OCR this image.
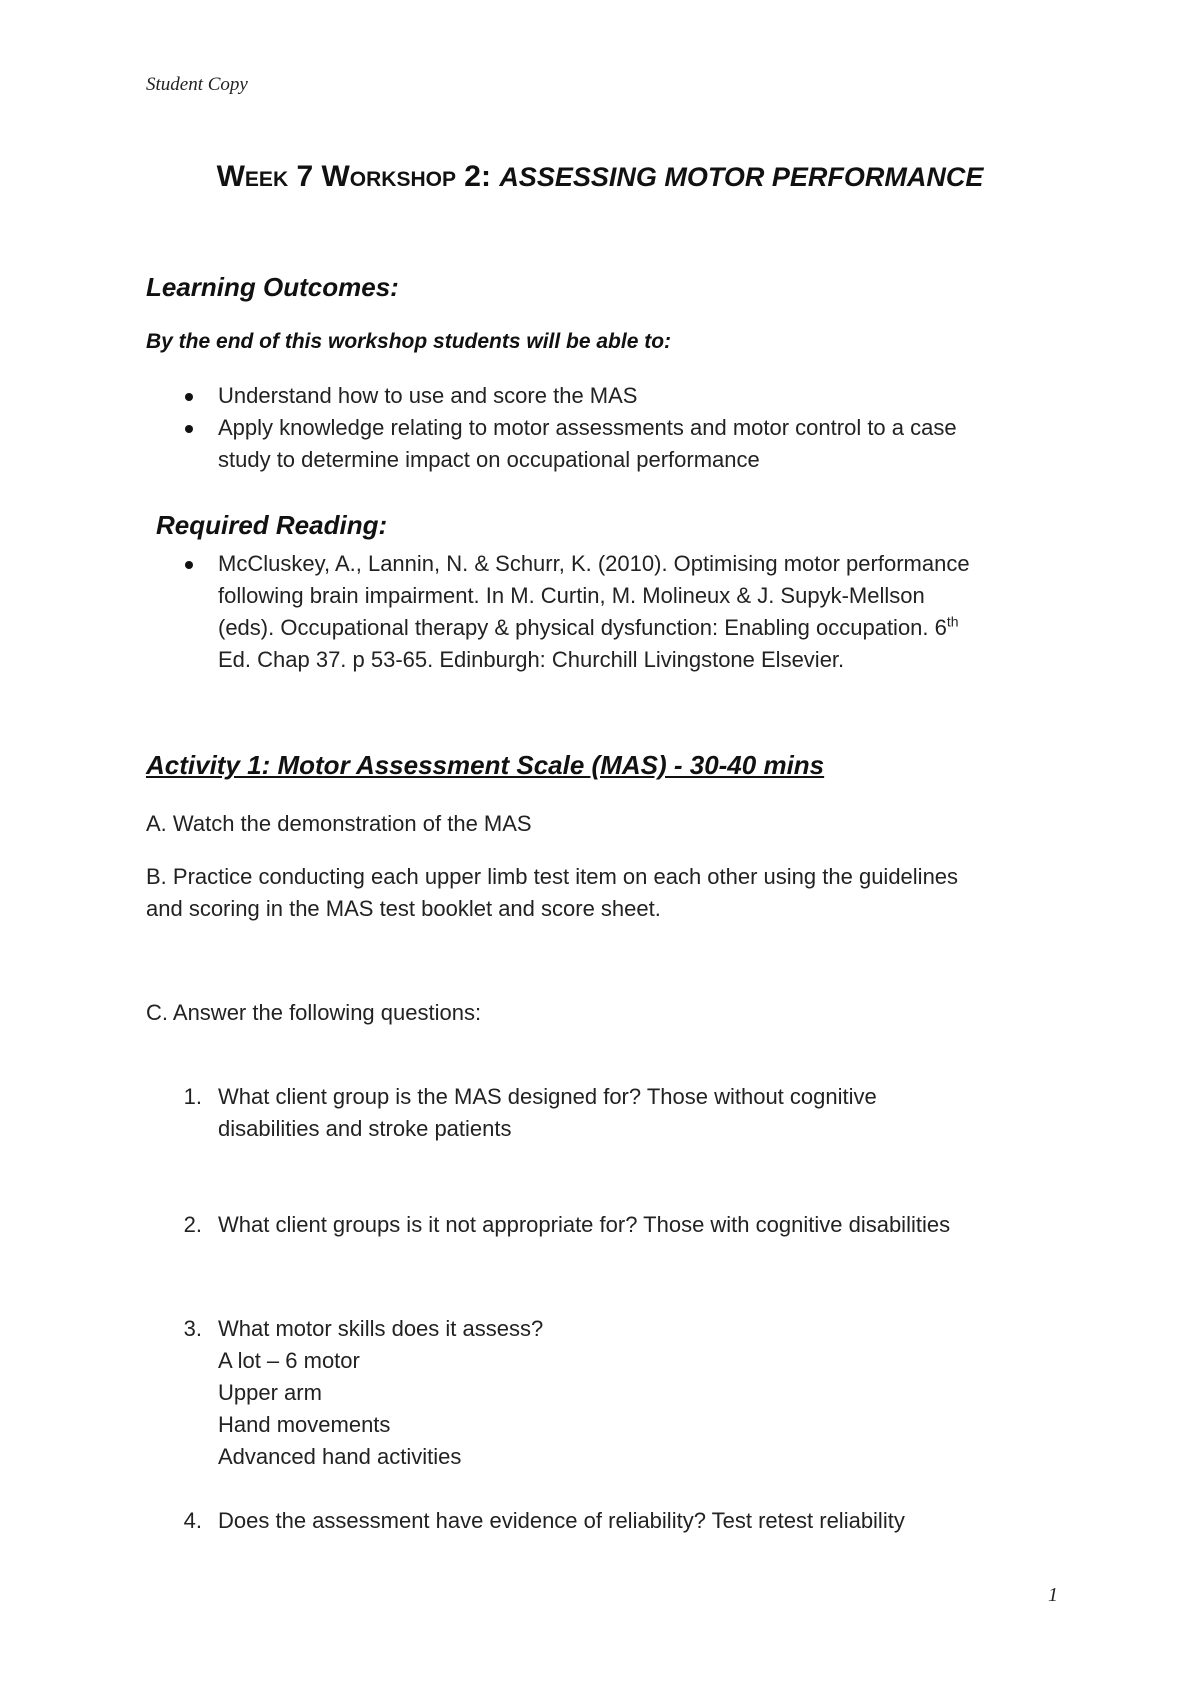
Student Copy

Week 7 Workshop 2: ASSESSING MOTOR PERFORMANCE

Learning Outcomes:

By the end of this workshop students will be able to:

Understand how to use and score the MAS

Apply knowledge relating to motor assessments and motor control to a case

study to determine impact on occupational performance

Required Reading:

McCluskey, A., Lannin, N. & Schurr, K. (2010). Optimising motor performance

following brain impairment. In M. Curtin, M. Molineux & J. Supyk-Mellson

(eds). Occupational therapy & physical dysfunction: Enabling occupation. 6th

Ed. Chap 37. p 53-65. Edinburgh: Churchill Livingstone Elsevier.

Activity 1: Motor Assessment Scale (MAS) - 30-40 mins

A. Watch the demonstration of the MAS

B. Practice conducting each upper limb test item on each other using the guidelines

and scoring in the MAS test booklet and score sheet.

C. Answer the following questions:

1. What client group is the MAS designed for? Those without cognitive

disabilities and stroke patients

2. What client groups is it not appropriate for? Those with cognitive disabilities

3. What motor skills does it assess?

A lot – 6 motor

Upper arm

Hand movements

Advanced hand activities

4. Does the assessment have evidence of reliability? Test retest reliability

1
